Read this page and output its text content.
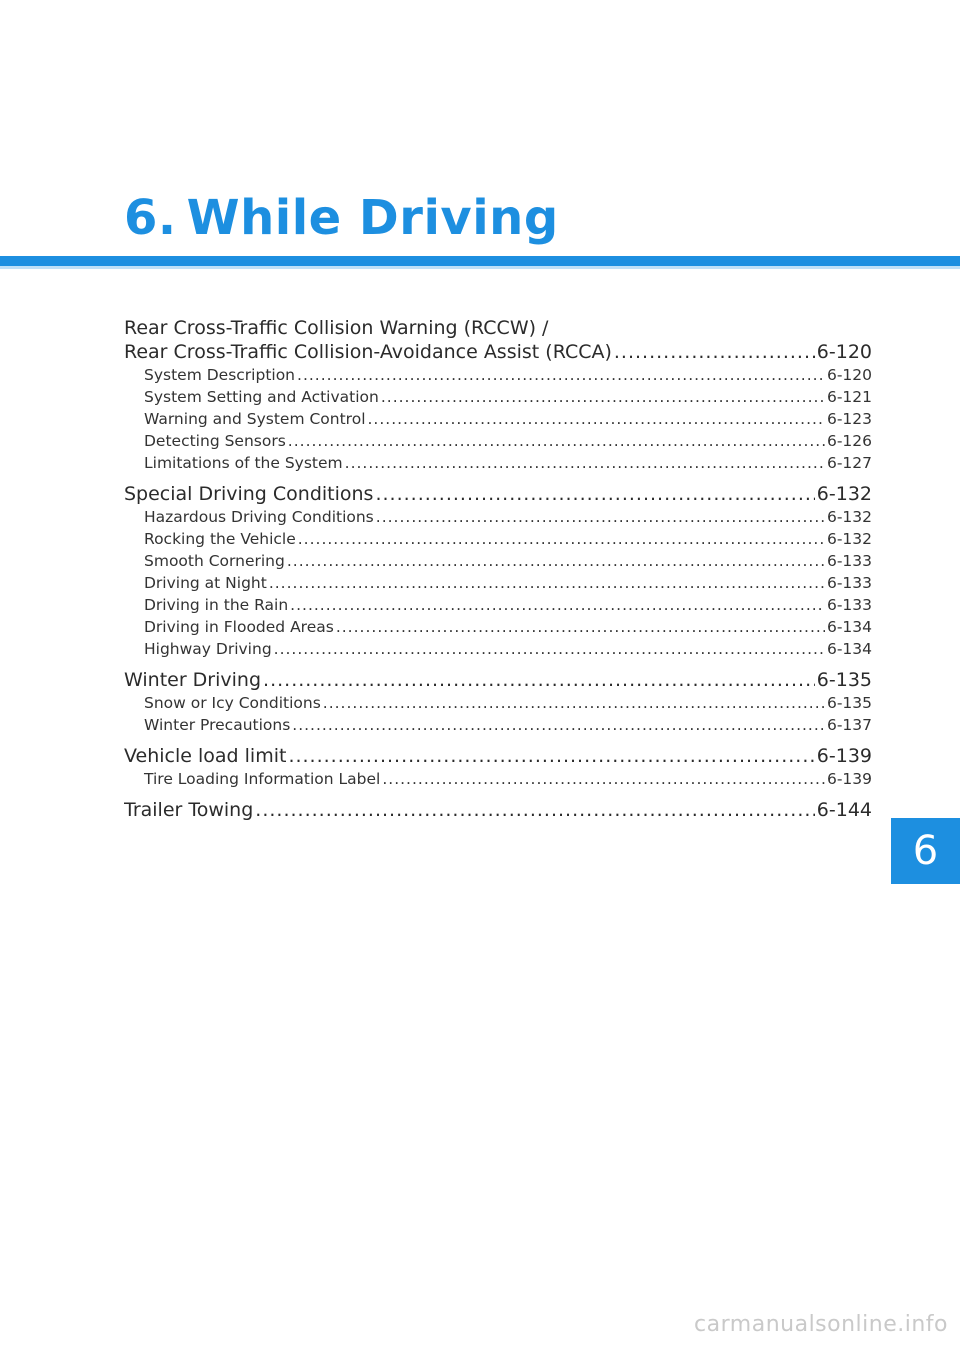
6. While Driving
Rear Cross-Traffic Collision Warning (RCCW) /
Rear Cross-Traffic Collision-Avoidance Assist (RCCA) .....	6-120
System Description .....	6-120
System Setting and Activation .....	6-121
Warning and System Control .....	6-123
Detecting Sensors .....	6-126
Limitations of the System .....	6-127
Special Driving Conditions .....	6-132
Hazardous Driving Conditions .....	6-132
Rocking the Vehicle .....	6-132
Smooth Cornering .....	6-133
Driving at Night .....	6-133
Driving in the Rain .....	6-133
Driving in Flooded Areas .....	6-134
Highway Driving .....	6-134
Winter Driving .....	6-135
Snow or Icy Conditions .....	6-135
Winter Precautions .....	6-137
Vehicle load limit .....	6-139
Tire Loading Information Label .....	6-139
Trailer Towing .....	6-144
6
carmanualsonline.info
